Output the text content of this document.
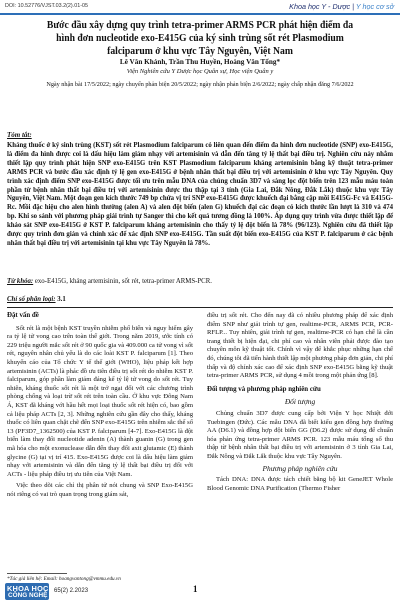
DOI: 10.52776/VJST.03.2(2).01-05	Khoa học Y - Dược | Y học cơ sở
Bước đầu xây dựng quy trình tetra-primer ARMS PCR phát hiện điểm đa hình đơn nucleotide exo-E415G của ký sinh trùng sốt rét Plasmodium falciparum ở khu vực Tây Nguyên, Việt Nam
Lê Văn Khánh, Trần Thu Huyền, Hoàng Văn Tổng*
Viện Nghiên cứu Y Dược học Quân sự, Học viện Quân y
Ngày nhận bài 17/5/2022; ngày chuyển phản biện 20/5/2022; ngày nhận phản biện 2/6/2022; ngày chấp nhận đăng 7/6/2022
Tóm tắt:
Kháng thuốc ở ký sinh trùng (KST) sốt rét Plasmodium falciparum có liên quan đến điểm đa hình đơn nucleotide (SNP) exo-E415G, là điểm đa hình được coi là dấu hiệu làm giảm nhạy với artemisinin và dẫn đến tăng tỷ lệ thất bại điều trị. Nghiên cứu này nhằm thiết lập quy trình phát hiện SNP exo-E415G trên KST Plasmodium falciparum kháng artemisinin bằng kỹ thuật tetra-primer ARMS PCR và bước đầu xác định tỷ lệ gen exo-E415G ở bệnh nhân thất bại điều trị với artemisinin ở khu vực Tây Nguyên. Quy trình xác định điểm SNP exo-E415G được tối ưu trên mẫu DNA của chủng chuẩn 3D7 và sàng lọc đột biến trên 123 mẫu máu toàn phần từ bệnh nhân thất bại điều trị với artemisinin được thu thập tại 3 tỉnh (Gia Lai, Đắk Nông, Đắk Lắk) thuộc khu vực Tây Nguyên, Việt Nam. Một đoạn gen kích thước 749 bp chứa vị trí SNP exo-E415G được khuếch đại bằng cặp mồi E415G-Fc và E415G-Rc. Mồi đặc hiệu cho alen hình thường (alen A) và alen đột biến (alen G) khuếch đại các đoạn có kích thước lần lượt là 310 và 474 bp. Khi so sánh với phương pháp giải trình tự Sanger thì cho kết quả tương đồng là 100%. Áp dụng quy trình vừa được thiết lập để khảo sát SNP exo-E415G ở KST P. falciparum kháng artemisinin cho thấy tỷ lệ đột biến là 78% (96/123). Nghiên cứu đã thiết lập được quy trình đơn giản và chính xác để xác định SNP exo-E415G. Tần suất đột biến exo-E415G của KST P. falciparum ở các bệnh nhân thất bại điều trị với artemisinin tại khu vực Tây Nguyên là 78%.
Từ khóa: exo-E415G, kháng artemisinin, sốt rét, tetra-primer ARMS-PCR.
Chỉ số phân loại: 3.1
Đặt vấn đề

Sốt rét là một bệnh KST truyền nhiễm phổ biến và nguy hiểm gây ra tỷ lệ tử vong cao trên toàn thế giới. Trong năm 2019, ước tính có 229 triệu người mắc sốt rét ở 90 quốc gia và 409.000 ca tử vong vì sốt rét, nguyên nhân chủ yếu là do các loài KST P. falciparum [1]. Theo khuyến cáo của Tổ chức Y tế thế giới (WHO), liệu pháp kết hợp artemisinin (ACTs) là phác đồ ưu tiên điều trị sốt rét do nhiễm KST P. falciparum, góp phần làm giảm đáng kể tỷ lệ tử vong do sốt rét. Tuy nhiên, kháng thuốc sốt rét là một trở ngại đối với các chương trình phòng chống và loại trừ sốt rét trên toàn cầu. Ở khu vực Đông Nam Á, KST đã kháng với hầu hết mọi loại thuốc sốt rét hiện có, bao gồm cả liệu pháp ACTs [2, 3]. Những nghiên cứu gần đây cho thấy, kháng thuốc có liên quan chặt chẽ đến SNP exo-E415G trên nhiễm sắc thể số 13 (PF3D7_1362500) của KST P. falciparum [4-7]. Exo-E415G là đột biến làm thay đổi nucleotide adenin (A) thành guanin (G) trong gen mã hóa cho một exonuclease dẫn đến thay đổi axit glutamic (E) thành glycine (G) tại vị trí 415. Exo-E415G được coi là dấu hiệu làm giảm nhạy với artemisinin và dẫn đến tăng tỷ lệ thất bại điều trị đối với ACTs - liệu pháp điều trị ưu tiên của Việt Nam.

Việc theo dõi các chỉ thị phân tử nói chung và SNP Exo-E415G nói riêng có vai trò quan trọng trong giám sát,

điều trị sốt rét. Cho đến nay đã có nhiều phương pháp để xác định điểm SNP như giải trình tự gen, realtime-PCR, ARMS PCR, PCR-RFLP... Tuy nhiên, giải trình tự gen, realtime-PCR có hạn chế là cần trang thiết bị hiện đại, chi phí cao và nhân viên phải được đào tạo chuyên môn kỹ thuật tốt. Chính vì vậy để khắc phục những hạn chế đó, chúng tôi đã tiến hành thiết lập một phương pháp đơn giản, chi phí thấp và độ chính xác cao để xác định SNP exo-E415G bằng kỹ thuật tetra-primer ARMS PCR, sử dụng 4 mồi trong một phản ứng [8].

Đối tượng và phương pháp nghiên cứu
Đối tượng

Chủng chuẩn 3D7 được cung cấp bởi Viện Y học Nhiệt đới Tuebingen (Đức). Các mẫu DNA đã biết kiểu gen đồng hợp thường AA (D6.1) và đồng hợp đột biến GG (D6.2) được sử dụng để chuẩn hóa phản ứng tetra-primer ARMS PCR. 123 mẫu máu tổng số thu thập từ bệnh nhân thất bại điều trị với artemisinin ở 3 tỉnh Gia Lai, Đắk Nông và Đắk Lắk thuộc khu vực Tây Nguyên.

Phương pháp nghiên cứu

Tách DNA: DNA được tách chiết bằng bộ kit GeneJET Whole Blood Genomic DNA Purification (Thermo Fisher

*Tác giả liên hệ: Email: hoangvantong@vmmu.edu.vn
KHOA HỌC
CÔNG NGHỆ
65(2) 2.2023	1
